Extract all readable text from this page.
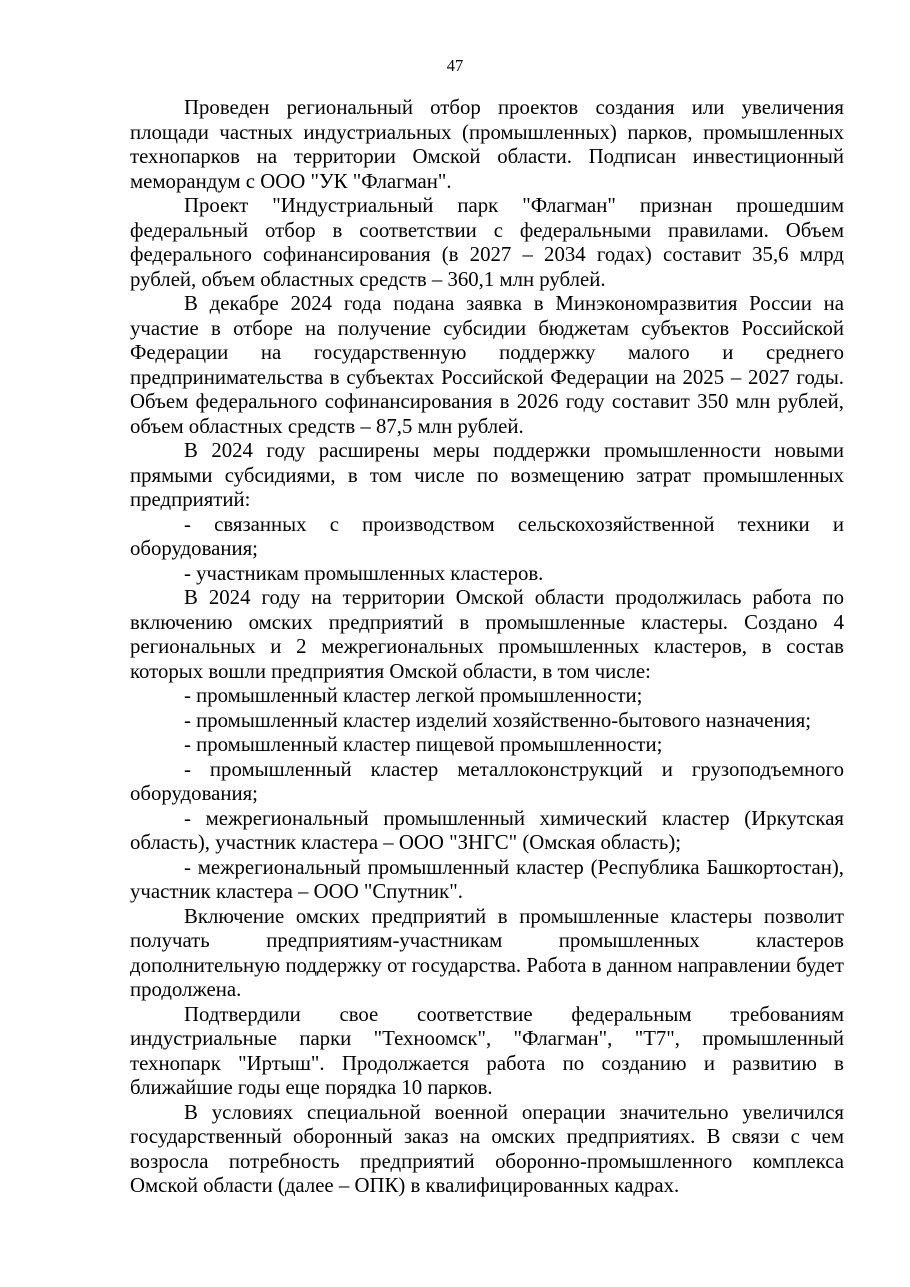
47

Проведен региональный отбор проектов создания или увеличения площади частных индустриальных (промышленных) парков, промышленных технопарков на территории Омской области. Подписан инвестиционный меморандум с ООО "УК "Флагман".

Проект "Индустриальный парк "Флагман" признан прошедшим федеральный отбор в соответствии с федеральными правилами. Объем федерального софинансирования (в 2027 – 2034 годах) составит 35,6 млрд рублей, объем областных средств – 360,1 млн рублей.

В декабре 2024 года подана заявка в Минэкономразвития России на участие в отборе на получение субсидии бюджетам субъектов Российской Федерации на государственную поддержку малого и среднего предпринимательства в субъектах Российской Федерации на 2025 – 2027 годы. Объем федерального софинансирования в 2026 году составит 350 млн рублей, объем областных средств – 87,5 млн рублей.

В 2024 году расширены меры поддержки промышленности новыми прямыми субсидиями, в том числе по возмещению затрат промышленных предприятий:

- связанных с производством сельскохозяйственной техники и оборудования;

- участникам промышленных кластеров.

В 2024 году на территории Омской области продолжилась работа по включению омских предприятий в промышленные кластеры. Создано 4 региональных и 2 межрегиональных промышленных кластеров, в состав которых вошли предприятия Омской области, в том числе:

- промышленный кластер легкой промышленности;

- промышленный кластер изделий хозяйственно-бытового назначения;

- промышленный кластер пищевой промышленности;

- промышленный кластер металлоконструкций и грузоподъемного оборудования;

- межрегиональный промышленный химический кластер (Иркутская область), участник кластера – ООО "ЗНГС" (Омская область);

- межрегиональный промышленный кластер (Республика Башкортостан), участник кластера – ООО "Спутник".

Включение омских предприятий в промышленные кластеры позволит получать предприятиям-участникам промышленных кластеров дополнительную поддержку от государства. Работа в данном направлении будет продолжена.

Подтвердили свое соответствие федеральным требованиям индустриальные парки "Техноомск", "Флагман", "Т7", промышленный технопарк "Иртыш". Продолжается работа по созданию и развитию в ближайшие годы еще порядка 10 парков.

В условиях специальной военной операции значительно увеличился государственный оборонный заказ на омских предприятиях. В связи с чем возросла потребность предприятий оборонно-промышленного комплекса Омской области (далее – ОПК) в квалифицированных кадрах.
